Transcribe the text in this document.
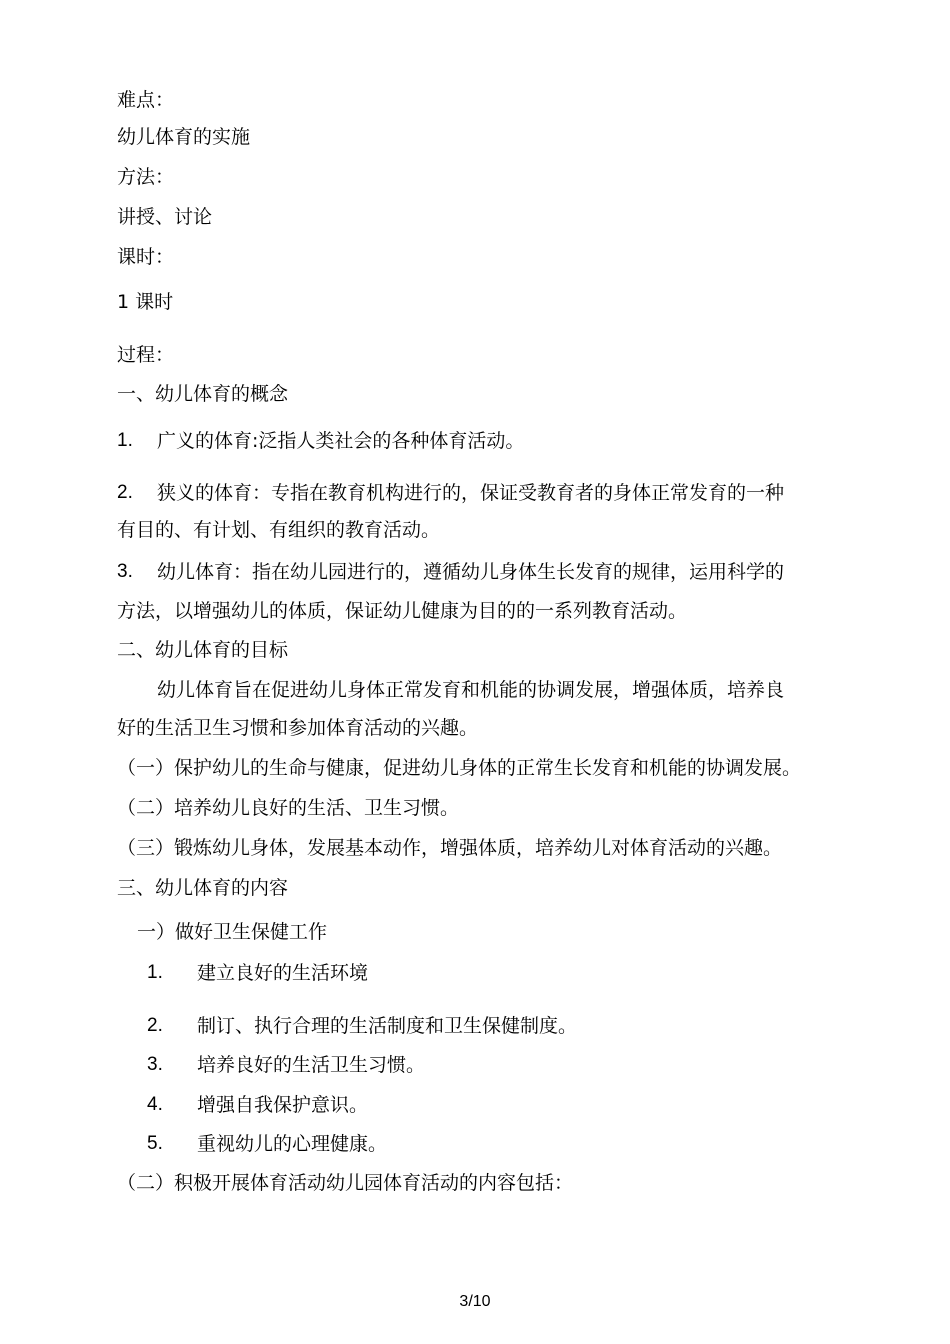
难点：
幼儿体育的实施
方法：
讲授、讨论
课时：
1 课时
过程：
一、幼儿体育的概念
1. 广义的体育:泛指人类社会的各种体育活动。
2. 狭义的体育：专指在教育机构进行的，保证受教育者的身体正常发育的一种
有目的、有计划、有组织的教育活动。
3. 幼儿体育：指在幼儿园进行的，遵循幼儿身体生长发育的规律，运用科学的
方法，以增强幼儿的体质，保证幼儿健康为目的的一系列教育活动。
二、幼儿体育的目标
幼儿体育旨在促进幼儿身体正常发育和机能的协调发展，增强体质，培养良
好的生活卫生习惯和参加体育活动的兴趣。
（一）保护幼儿的生命与健康，促进幼儿身体的正常生长发育和机能的协调发展。
（二）培养幼儿良好的生活、卫生习惯。
（三）锻炼幼儿身体，发展基本动作，增强体质，培养幼儿对体育活动的兴趣。
三、幼儿体育的内容
一）做好卫生保健工作
1. 建立良好的生活环境
2. 制订、执行合理的生活制度和卫生保健制度。
3. 培养良好的生活卫生习惯。
4. 增强自我保护意识。
5. 重视幼儿的心理健康。
（二）积极开展体育活动幼儿园体育活动的内容包括：
3/10
